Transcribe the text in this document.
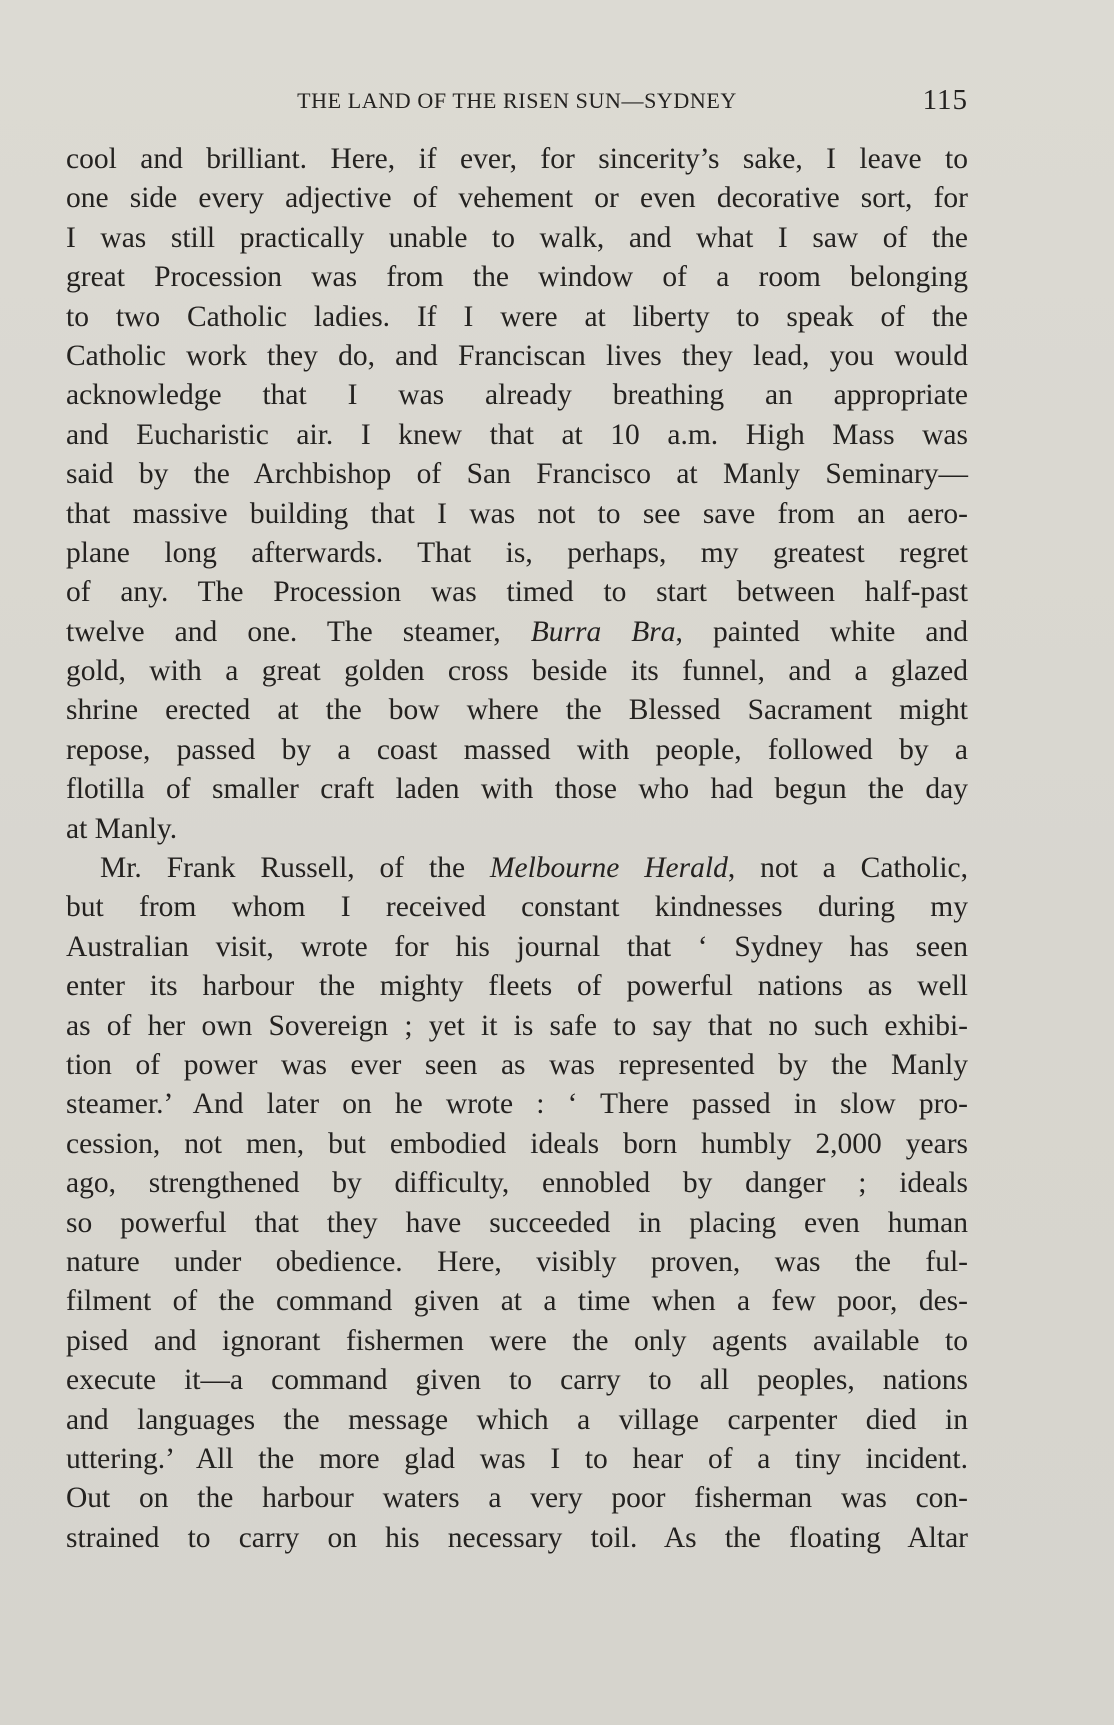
THE LAND OF THE RISEN SUN—SYDNEY	115
cool and brilliant. Here, if ever, for sincerity’s sake, I leave to
one side every adjective of vehement or even decorative sort, for
I was still practically unable to walk, and what I saw of the
great Procession was from the window of a room belonging
to two Catholic ladies. If I were at liberty to speak of the
Catholic work they do, and Franciscan lives they lead, you would
acknowledge that I was already breathing an appropriate
and Eucharistic air. I knew that at 10 a.m. High Mass was
said by the Archbishop of San Francisco at Manly Seminary—
that massive building that I was not to see save from an aero-
plane long afterwards. That is, perhaps, my greatest regret
of any. The Procession was timed to start between half-past
twelve and one. The steamer, Burra Bra, painted white and
gold, with a great golden cross beside its funnel, and a glazed
shrine erected at the bow where the Blessed Sacrament might
repose, passed by a coast massed with people, followed by a
flotilla of smaller craft laden with those who had begun the day
at Manly.
Mr. Frank Russell, of the Melbourne Herald, not a Catholic,
but from whom I received constant kindnesses during my
Australian visit, wrote for his journal that ‘ Sydney has seen
enter its harbour the mighty fleets of powerful nations as well
as of her own Sovereign ; yet it is safe to say that no such exhibi-
tion of power was ever seen as was represented by the Manly
steamer.’ And later on he wrote : ‘ There passed in slow pro-
cession, not men, but embodied ideals born humbly 2,000 years
ago, strengthened by difficulty, ennobled by danger ; ideals
so powerful that they have succeeded in placing even human
nature under obedience. Here, visibly proven, was the ful-
filment of the command given at a time when a few poor, des-
pised and ignorant fishermen were the only agents available to
execute it—a command given to carry to all peoples, nations
and languages the message which a village carpenter died in
uttering.’ All the more glad was I to hear of a tiny incident.
Out on the harbour waters a very poor fisherman was con-
strained to carry on his necessary toil. As the floating Altar
